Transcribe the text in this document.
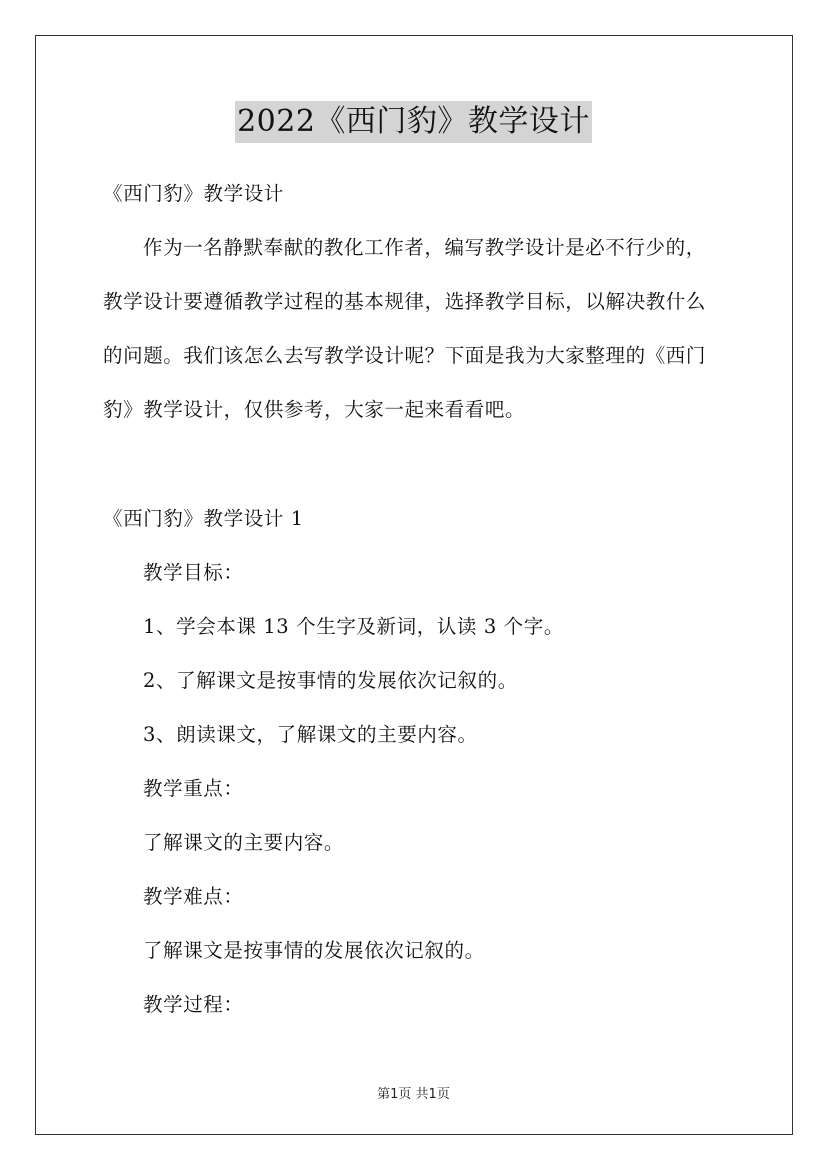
2022《西门豹》教学设计
《西门豹》教学设计
作为一名静默奉献的教化工作者，编写教学设计是必不行少的，
教学设计要遵循教学过程的基本规律，选择教学目标，以解决教什么
的问题。我们该怎么去写教学设计呢？下面是我为大家整理的《西门
豹》教学设计，仅供参考，大家一起来看看吧。
《西门豹》教学设计 1
教学目标：
1、学会本课 13 个生字及新词，认读 3 个字。
2、了解课文是按事情的发展依次记叙的。
3、朗读课文，了解课文的主要内容。
教学重点：
了解课文的主要内容。
教学难点：
了解课文是按事情的发展依次记叙的。
教学过程：
第1页 共1页
